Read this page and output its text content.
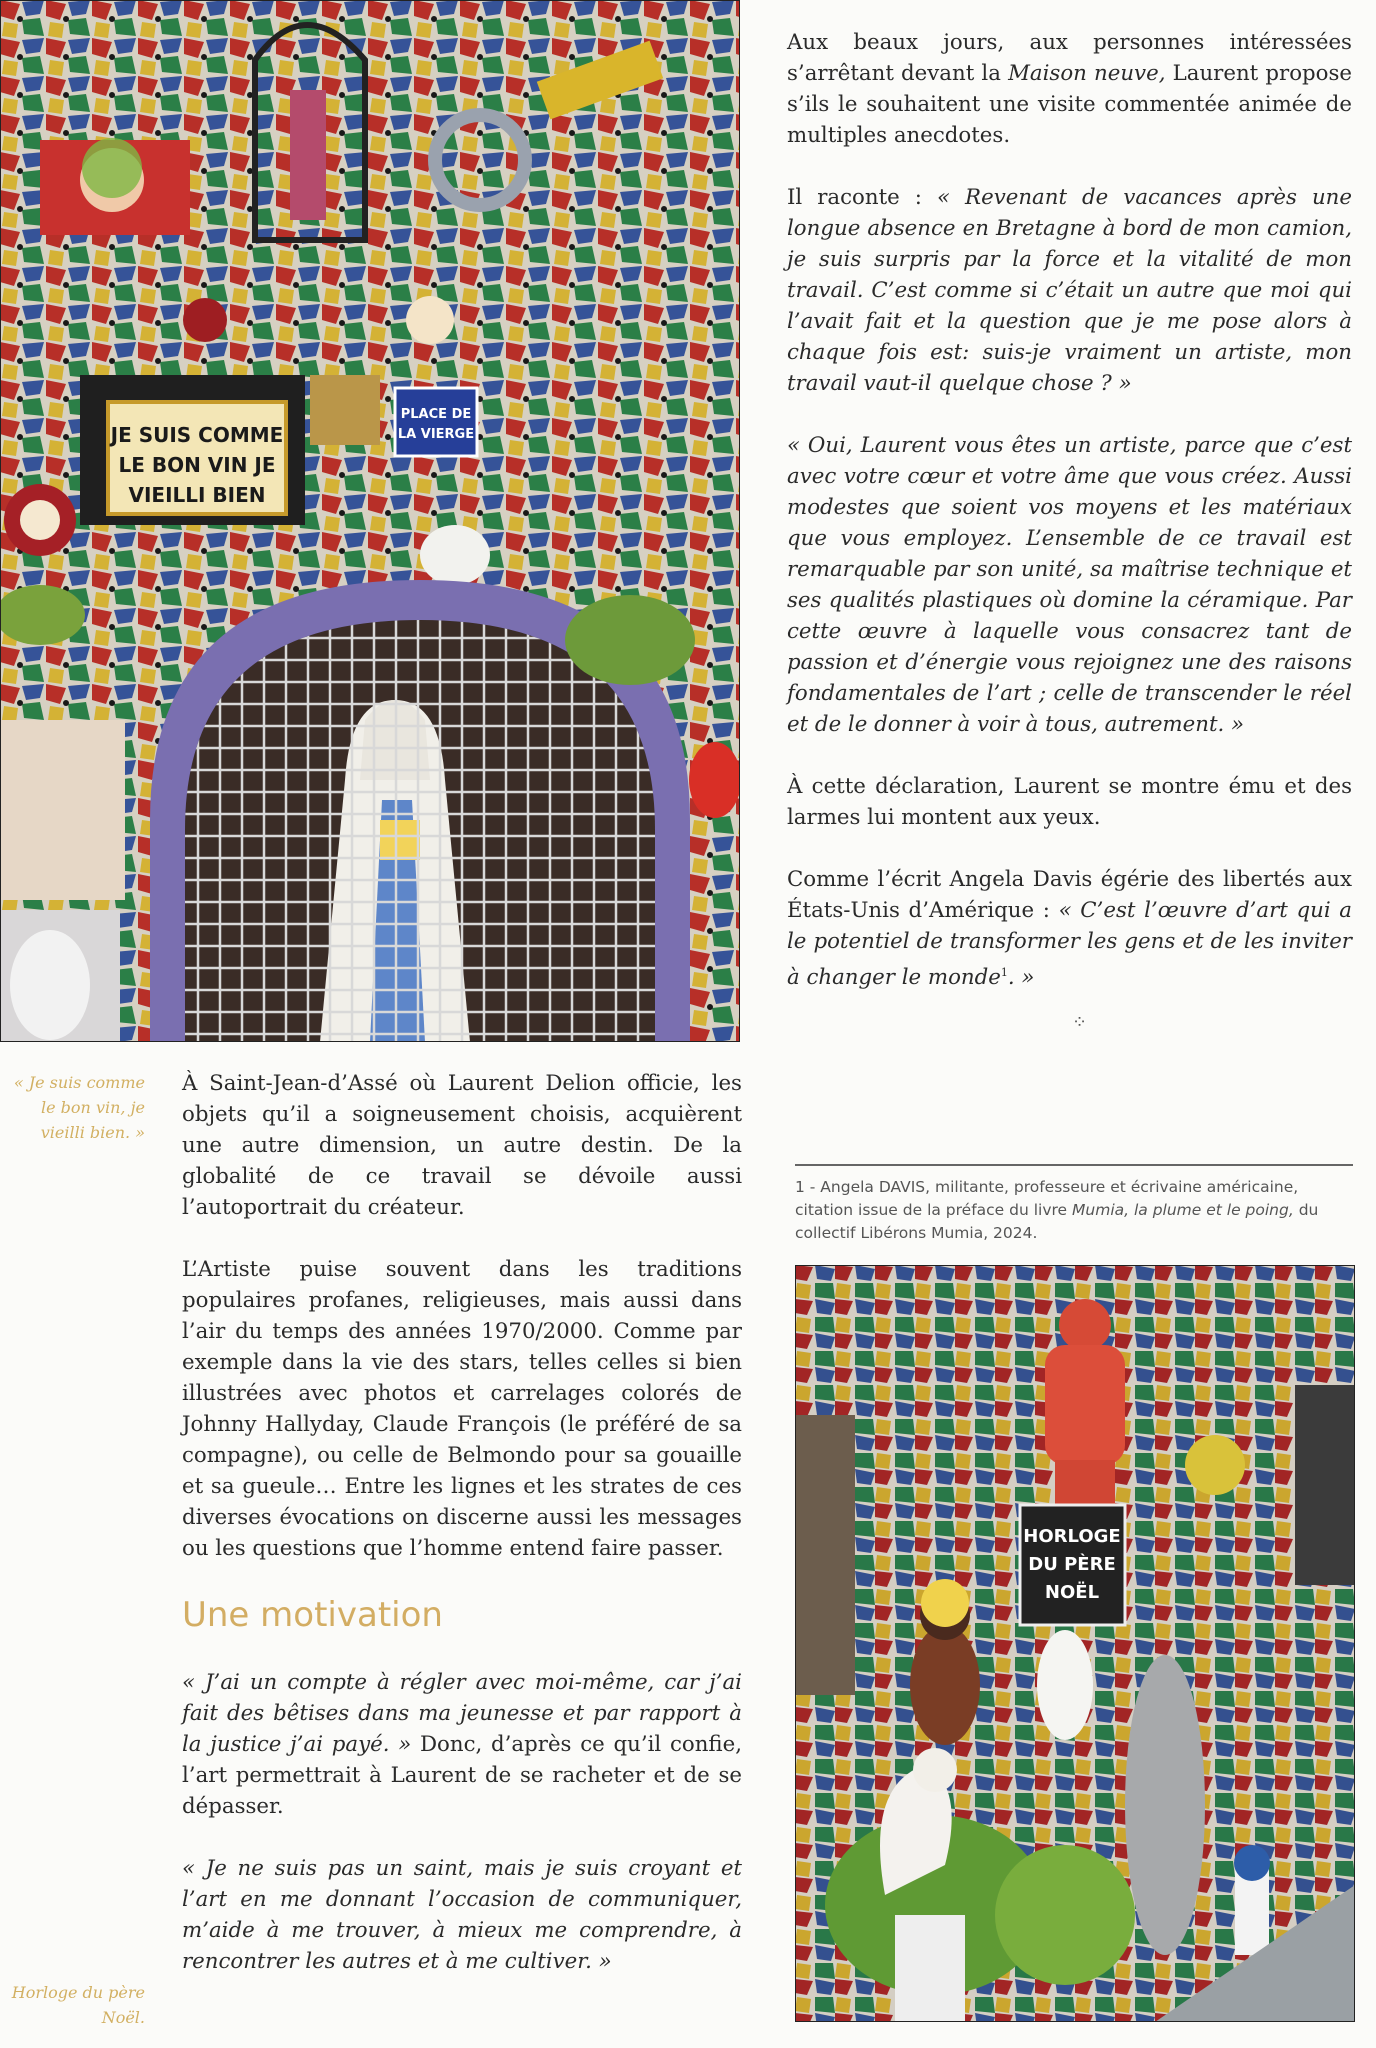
JE SUIS COMME
LE BON VIN JE
VIEILLI BIEN
PLACE DE
LA VIERGE
« Je suis comme le bon vin, je vieilli bien. »
Horloge du père Noël.

À Saint-Jean-d’Assé où Laurent Delion officie, les objets qu’il a soigneusement choisis, acquièrent une autre dimension, un autre destin. De la globalité de ce travail se dévoile aussi l’autoportrait du créateur.

L’Artiste puise souvent dans les traditions populaires profanes, religieuses, mais aussi dans l’air du temps des années 1970/2000. Comme par exemple dans la vie des stars, telles celles si bien illustrées avec photos et carrelages colorés de Johnny Hallyday, Claude François (le préféré de sa compagne), ou celle de Belmondo pour sa gouaille et sa gueule… Entre les lignes et les strates de ces diverses évocations on discerne aussi les messages ou les questions que l’homme entend faire passer.

Une motivation

« J’ai un compte à régler avec moi-même, car j’ai fait des bêtises dans ma jeunesse et par rapport à la justice j’ai payé. » Donc, d’après ce qu’il confie, l’art permettrait à Laurent de se racheter et de se dépasser.

« Je ne suis pas un saint, mais je suis croyant et l’art en me donnant l’occasion de communiquer, m’aide à me trouver, à mieux me comprendre, à rencontrer les autres et à me cultiver. »

Aux beaux jours, aux personnes intéressées s’arrêtant devant la Maison neuve, Laurent propose s’ils le souhaitent une visite commentée animée de multiples anecdotes.

Il raconte : « Revenant de vacances après une longue absence en Bretagne à bord de mon camion, je suis surpris par la force et la vitalité de mon travail. C’est comme si c’était un autre que moi qui l’avait fait et la question que je me pose alors à chaque fois est: suis-je vraiment un artiste, mon travail vaut-il quelque chose ? »

« Oui, Laurent vous êtes un artiste, parce que c’est avec votre cœur et votre âme que vous créez. Aussi modestes que soient vos moyens et les matériaux que vous employez. L’ensemble de ce travail est remarquable par son unité, sa maîtrise technique et ses qualités plastiques où domine la céramique. Par cette œuvre à laquelle vous consacrez tant de passion et d’énergie vous rejoignez une des raisons fondamentales de l’art ; celle de transcender le réel et de le donner à voir à tous, autrement. »

À cette déclaration, Laurent se montre ému et des larmes lui montent aux yeux.

Comme l’écrit Angela Davis égérie des libertés aux États-Unis d’Amérique : « C’est l’œuvre d’art qui a le potentiel de transformer les gens et de les inviter à changer le monde$^1$. »

⁘
1 - Angela DAVIS, militante, professeure et écrivaine américaine, citation issue de la préface du livre Mumia, la plume et le poing, du collectif Libérons Mumia, 2024.
HORLOGE
DU PÈRE
NOËL
